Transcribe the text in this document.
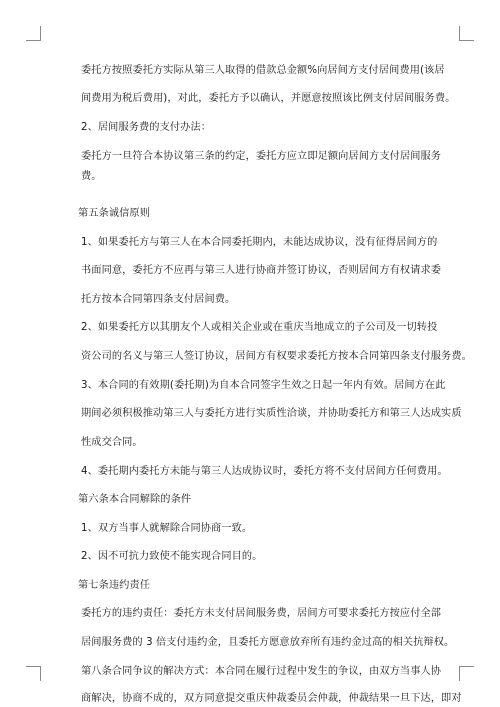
委托方按照委托方实际从第三人取得的借款总金额%向居间方支付居间费用(该居
间费用为税后费用)，对此，委托方予以确认，并愿意按照该比例支付居间服务费。
2、居间服务费的支付办法：
委托方一旦符合本协议第三条的约定，委托方应立即足额向居间方支付居间服务
费。
第五条诚信原则
1、如果委托方与第三人在本合同委托期内，未能达成协议，没有征得居间方的
书面同意，委托方不应再与第三人进行协商并签订协议，否则居间方有权请求委
托方按本合同第四条支付居间费。
2、如果委托方以其朋友个人或相关企业或在重庆当地成立的子公司及一切转投
资公司的名义与第三人签订协议，居间方有权要求委托方按本合同第四条支付服务费。
3、本合同的有效期(委托期)为自本合同签字生效之日起一年内有效。居间方在此
期间必须积极推动第三人与委托方进行实质性洽谈，并协助委托方和第三人达成实质
性成交合同。
4、委托期内委托方未能与第三人达成协议时，委托方将不支付居间方任何费用。
第六条本合同解除的条件
1、双方当事人就解除合同协商一致。
2、因不可抗力致使不能实现合同目的。
第七条违约责任
委托方的违约责任：委托方未支付居间服务费，居间方可要求委托方按应付全部
居间服务费的 3 倍支付违约金，且委托方愿意放弃所有违约金过高的相关抗辩权。
第八条合同争议的解决方式：本合同在履行过程中发生的争议，由双方当事人协
商解决，协商不成的，双方同意提交重庆仲裁委员会仲裁，仲裁结果一旦下达，即对
